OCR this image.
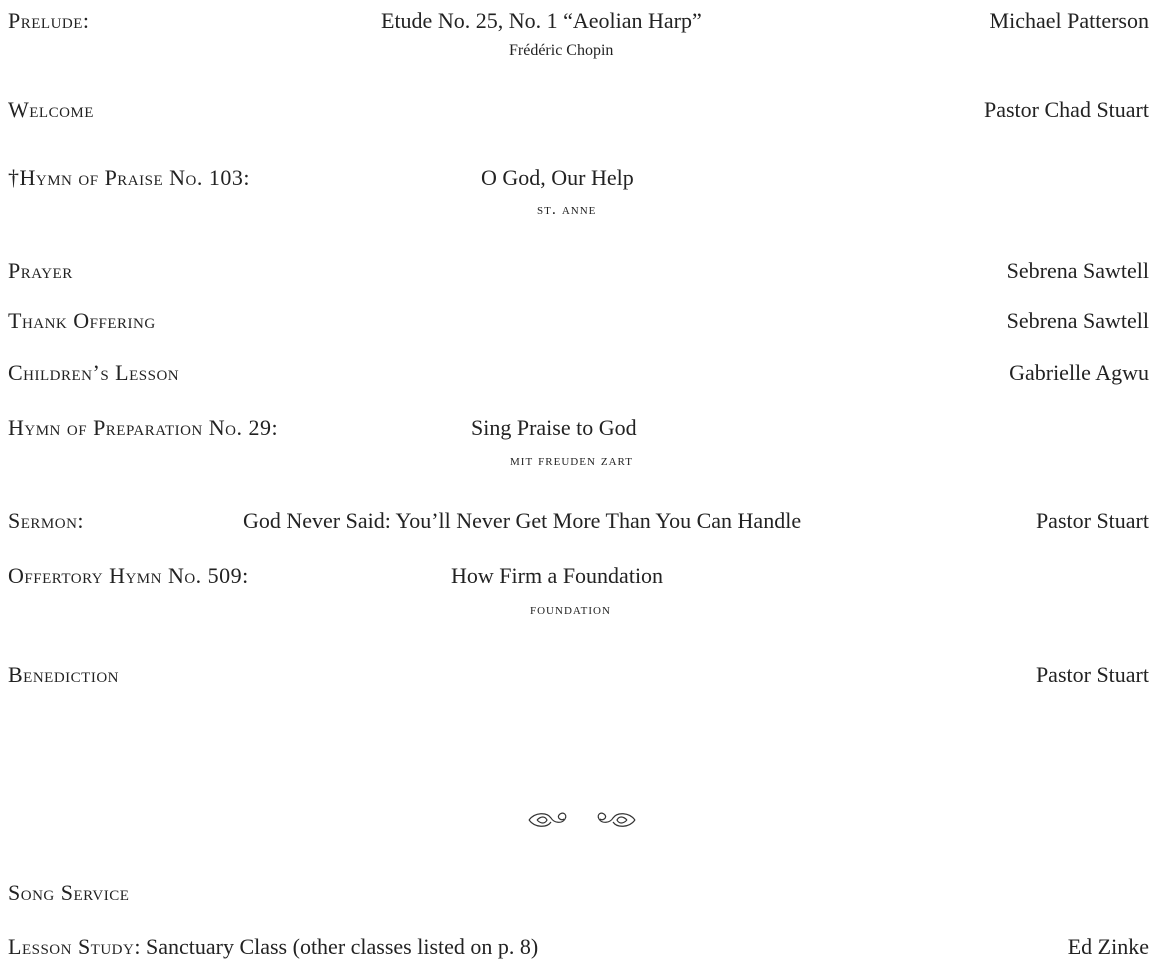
Prelude:	Etude No. 25, No. 1 “Aeolian Harp”	Michael Patterson
Frédéric Chopin
Welcome	Pastor Chad Stuart
†Hymn of Praise No. 103:	O God, Our Help
st. anne
Prayer	Sebrena Sawtell
Thank Offering	Sebrena Sawtell
Children’s Lesson	Gabrielle Agwu
Hymn of Preparation No. 29:	Sing Praise to God
mit freuden zart
Sermon:	God Never Said: You’ll Never Get More Than You Can Handle	Pastor Stuart
Offertory Hymn No. 509:	How Firm a Foundation
foundation
Benediction	Pastor Stuart
Song Service
Lesson Study: Sanctuary Class (other classes listed on p. 8)	Ed Zinke
